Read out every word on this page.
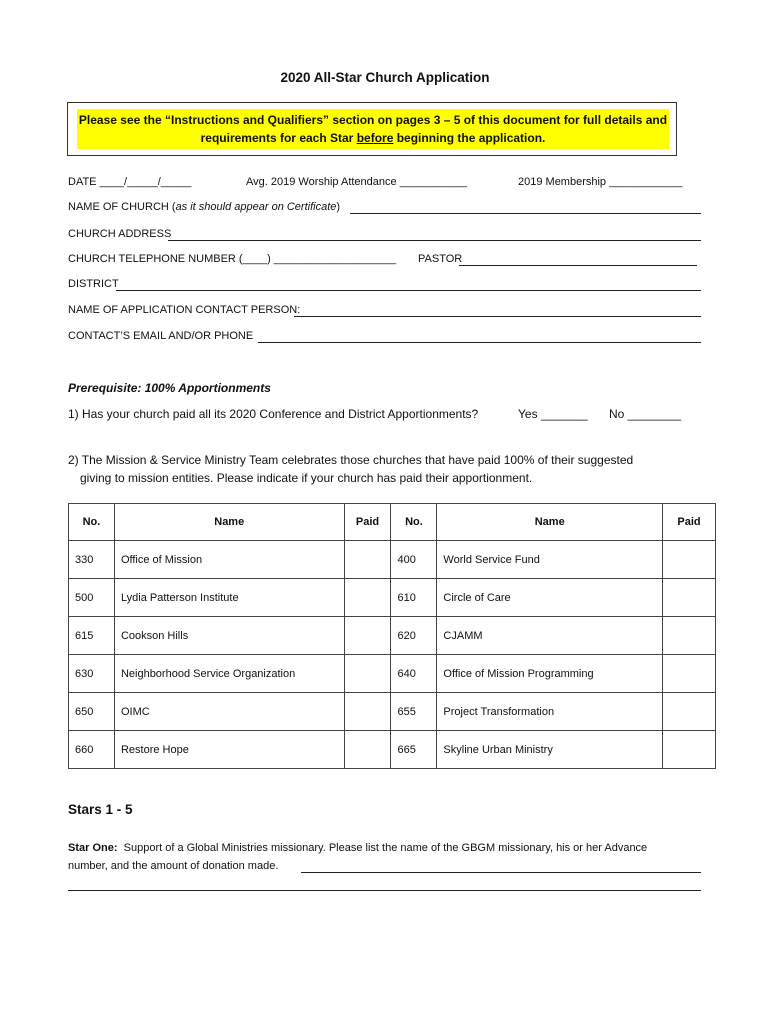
2020 All-Star Church Application
Please see the “Instructions and Qualifiers” section on pages 3 – 5 of this document for full details and
requirements for each Star before beginning the application.
DATE ____/_____/_____	Avg. 2019 Worship Attendance ___________	2019 Membership ____________
NAME OF CHURCH (as it should appear on Certificate)
CHURCH ADDRESS
CHURCH TELEPHONE NUMBER (____) ____________________ PASTOR
DISTRICT
NAME OF APPLICATION CONTACT PERSON:
CONTACT’S EMAIL AND/OR PHONE
Prerequisite: 100% Apportionments
1) Has your church paid all its 2020 Conference and District Apportionments?	Yes _______ No ________
2) The Mission & Service Ministry Team celebrates those churches that have paid 100% of their suggested
giving to mission entities. Please indicate if your church has paid their apportionment.
No.	Name	Paid	No.	Name	Paid
330	Office of Mission		400	World Service Fund	
500	Lydia Patterson Institute		610	Circle of Care	
615	Cookson Hills		620	CJAMM	
630	Neighborhood Service Organization		640	Office of Mission Programming	
650	OIMC		655	Project Transformation	
660	Restore Hope		665	Skyline Urban Ministry	
Stars 1 - 5
Star One: Support of a Global Ministries missionary. Please list the name of the GBGM missionary, his or her Advance
number, and the amount of donation made.
